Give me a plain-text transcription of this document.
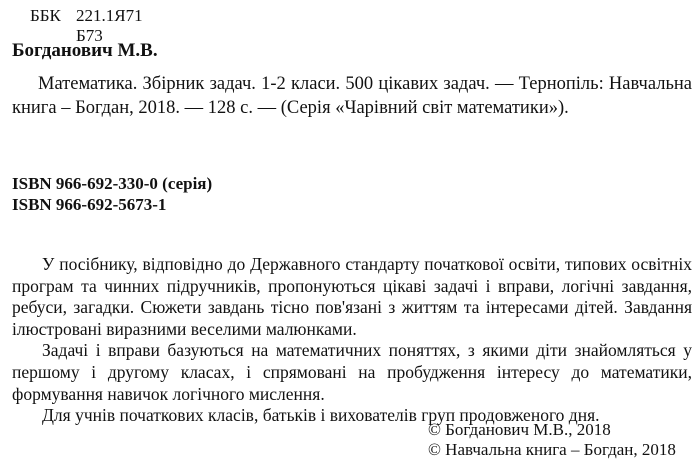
ББК 221.1Я71
Б73
Богданович М.В.
Математика. Збірник задач. 1-2 класи. 500 цікавих задач. — Тернопіль: Навчальна книга – Богдан, 2018. — 128 с. — (Серія «Чарівний світ математики»).
ISBN 966-692-330-0 (серія)
ISBN 966-692-5673-1

У посібнику, відповідно до Державного стандарту початкової освіти, типових освітніх програм та чинних підручників, пропонуються цікаві задачі і вправи, логічні завдання, ребуси, загадки. Сюжети завдань тісно пов'язані з життям та інтересами дітей. Завдання ілюстровані виразними веселими малюнками.

Задачі і вправи базуються на математичних поняттях, з якими діти знайомляться у першому і другому класах, і спрямовані на пробудження інтересу до математики, формування навичок логічного мислення.

Для учнів початкових класів, батьків і вихователів груп продовженого дня.

© Богданович М.В., 2018
© Навчальна книга – Богдан, 2018
